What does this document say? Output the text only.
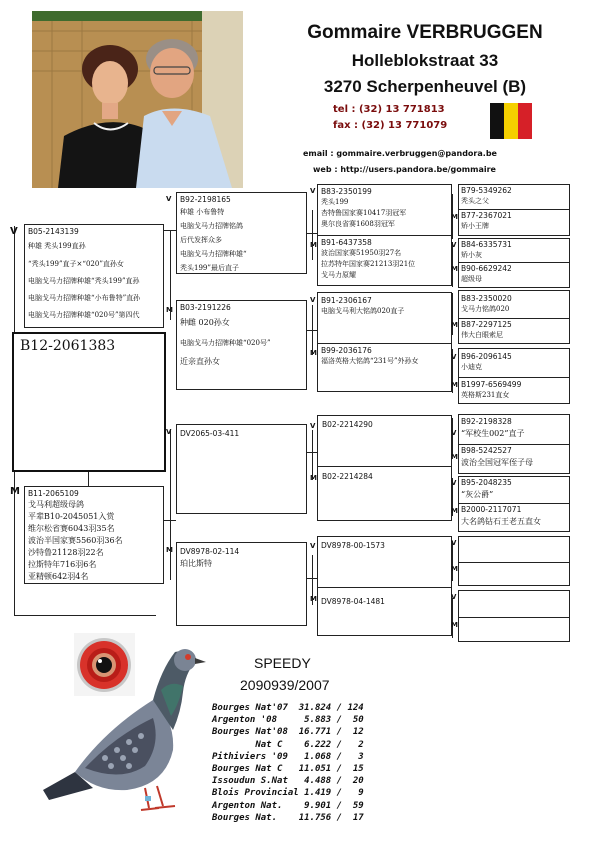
Gommaire VERBRUGGEN
Holleblokstraat 33
3270 Scherpenheuvel (B)
tel : (32) 13 771813
fax : (32) 13 771079
email : gommaire.verbruggen@pandora.be
web : http://users.pandora.be/gommaire
B12-2061383
V B05-2143139
种雄 秃头199直孙
“秃头199”直子×“020”直孙女
电脑戈马力招牌种雄“秃头199”直孙
电脑戈马力招牌种雄“小布鲁特”直孙
电脑戈马力招牌种雄“020号”第四代
M B11-2065109
戈马利超级母鸽
平辈B10-2045051入赏
维尔松省赛6043羽35名
波治半国家赛5560羽36名
沙特鲁21128羽22名
拉斯特年716羽6名
亚精顿642羽4名
V B92-2198165
种雄 小布鲁特
电脑戈马力招牌铭鸽
后代发挥众多
电脑戈马力招牌种雄“
秃头199”最后直子
M B03-2191226
种雌 020孙女
电脑戈马力招牌种雄“020号”
近亲直孙女
V DV2065-03-411
M DV8978-02-114
珀比斯特
V
M
B83-2350199
秃头199
杏特鲁国家赛10417羽冠军
奥尔良省赛1608羽冠军
B91-6437358
波治国家赛51950羽27名
拉苏特年国家赛21213羽21位
戈马力原耀
V
M
B91-2306167
电脑戈马利大铭鸽020直子
B99-2036176
福洛英格大铭鸽“231号”外孙女
V
M
B02-2214290
B02-2214284
V
M
DV8978-00-1573
DV8978-04-1481
M
B79-5349262
秃头之父
B77-2367021
矫小王牌
V
M
B84-6335731
矫小灰
B90-6629242
超级母
M
B83-2350020
戈马力铭鸽020
B87-2297125
伟大白眼索尼
V
M
B96-2096145
小迪克
B1997-6569499
英格斯231直女
V
M
B92-2198328
“军校生002”直子
B98-5242527
波治全国冠军侄子母
V
M
B95-2048235
“灰公爵”
B2000-2117071
大名鸽钻石王老五直女
V
M
V
M
SPEEDY
2090939/2007
Bourges Nat'07  31.824 / 124
Argenton '08     5.883 /  50
Bourges Nat'08  16.771 /  12
Nat C    6.222 /   2
Pithiviers '09   1.068 /   3
Bourges Nat C   11.051 /  15
Issoudun S.Nat   4.488 /  20
Blois Provincial 1.419 /   9
Argenton Nat.    9.901 /  59
Bourges Nat.    11.756 /  17
